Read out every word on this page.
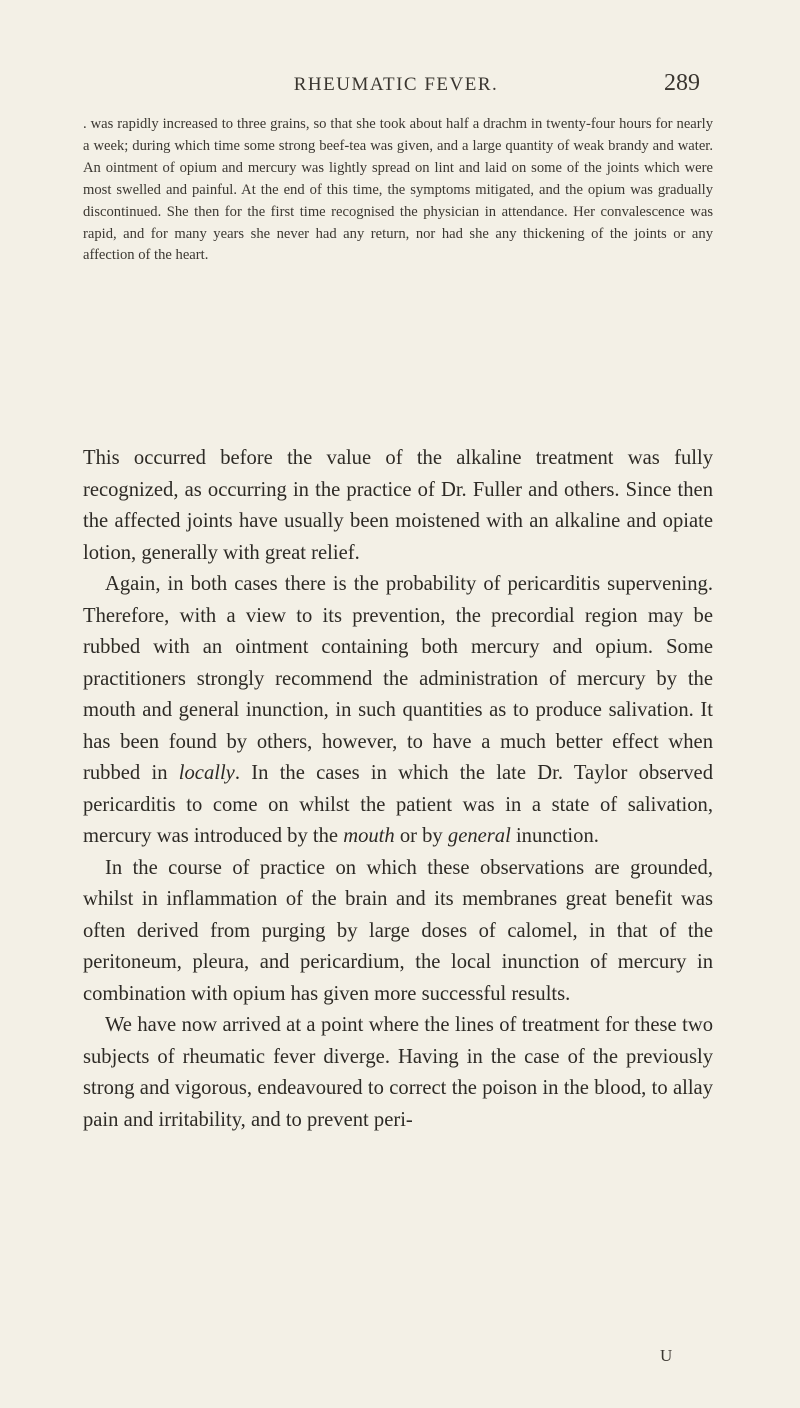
RHEUMATIC FEVER.	289

. was rapidly increased to three grains, so that she took about half a drachm in twenty-four hours for nearly a week; during which time some strong beef-tea was given, and a large quantity of weak brandy and water. An ointment of opium and mercury was lightly spread on lint and laid on some of the joints which were most swelled and painful. At the end of this time, the symptoms mitigated, and the opium was gradually discontinued. She then for the first time recognised the physician in attendance. Her convalescence was rapid, and for many years she never had any return, nor had she any thickening of the joints or any affection of the heart.

This occurred before the value of the alkaline treatment was fully recognized, as occurring in the practice of Dr. Fuller and others. Since then the affected joints have usually been moistened with an alkaline and opiate lotion, generally with great relief.

Again, in both cases there is the probability of pericarditis supervening. Therefore, with a view to its prevention, the precordial region may be rubbed with an ointment containing both mercury and opium. Some practitioners strongly recommend the administration of mercury by the mouth and general inunction, in such quantities as to produce salivation. It has been found by others, however, to have a much better effect when rubbed in locally. In the cases in which the late Dr. Taylor observed pericarditis to come on whilst the patient was in a state of salivation, mercury was introduced by the mouth or by general inunction.

In the course of practice on which these observations are grounded, whilst in inflammation of the brain and its membranes great benefit was often derived from purging by large doses of calomel, in that of the peritoneum, pleura, and pericardium, the local inunction of mercury in combination with opium has given more successful results.

We have now arrived at a point where the lines of treatment for these two subjects of rheumatic fever diverge. Having in the case of the previously strong and vigorous, endeavoured to correct the poison in the blood, to allay pain and irritability, and to prevent peri-

U
